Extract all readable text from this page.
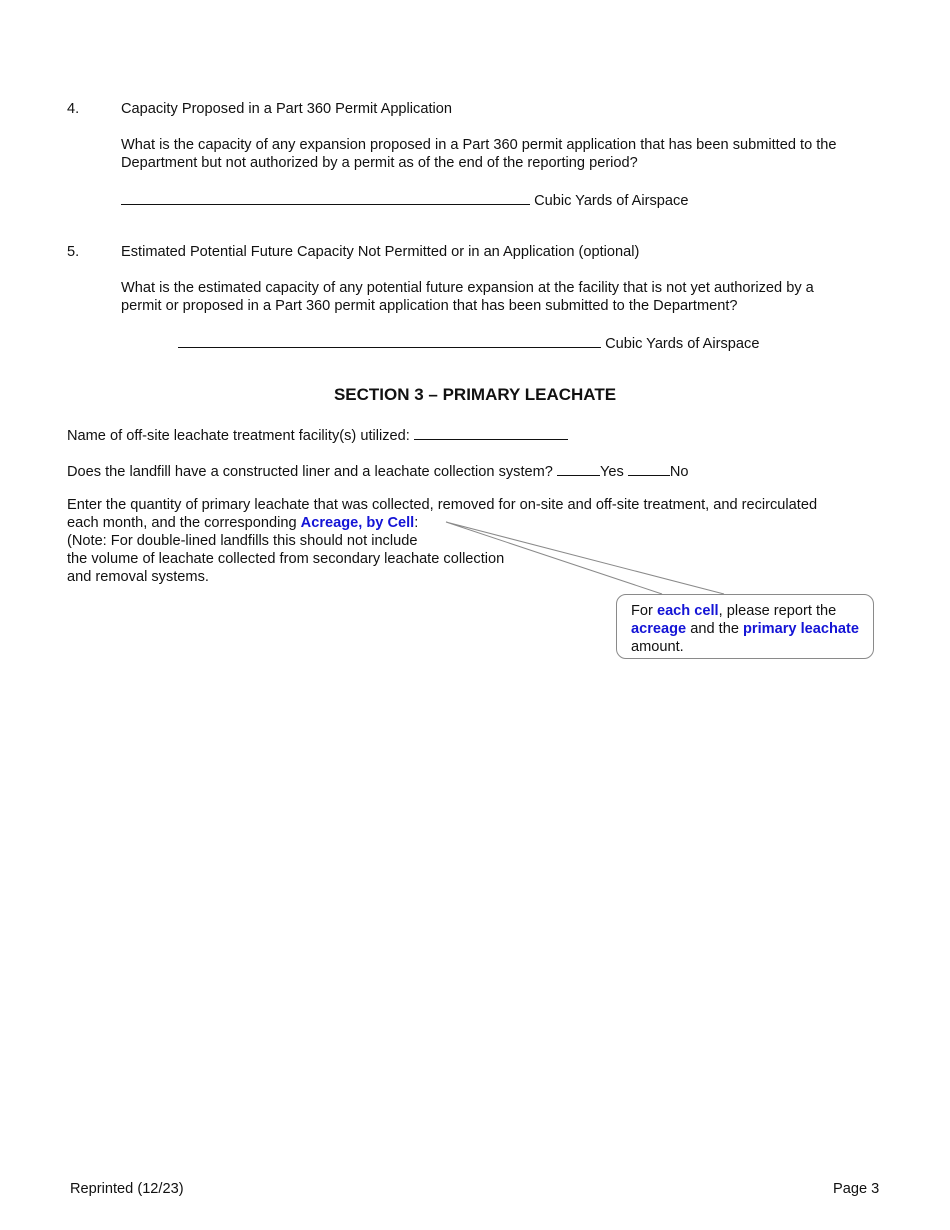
4.	Capacity Proposed in a Part 360 Permit Application
What is the capacity of any expansion proposed in a Part 360 permit application that has been submitted to the
Department but not authorized by a permit as of the end of the reporting period?
Cubic Yards of Airspace
5.	Estimated Potential Future Capacity Not Permitted or in an Application (optional)
What is the estimated capacity of any potential future expansion at the facility that is not yet authorized by a
permit or proposed in a Part 360 permit application that has been submitted to the Department?
Cubic Yards of Airspace
SECTION 3 – PRIMARY LEACHATE
Name of off-site leachate treatment facility(s) utilized:
Does the landfill have a constructed liner and a leachate collection system?	Yes	No
Enter the quantity of primary leachate that was collected, removed for on-site and off-site treatment, and recirculated
each month, and the corresponding Acreage, by Cell:
(Note: For double-lined landfills this should not include
the volume of leachate collected from secondary leachate collection
and removal systems.
For each cell, please report the
acreage and the primary leachate amount.
Reprinted (12/23)	Page 3
